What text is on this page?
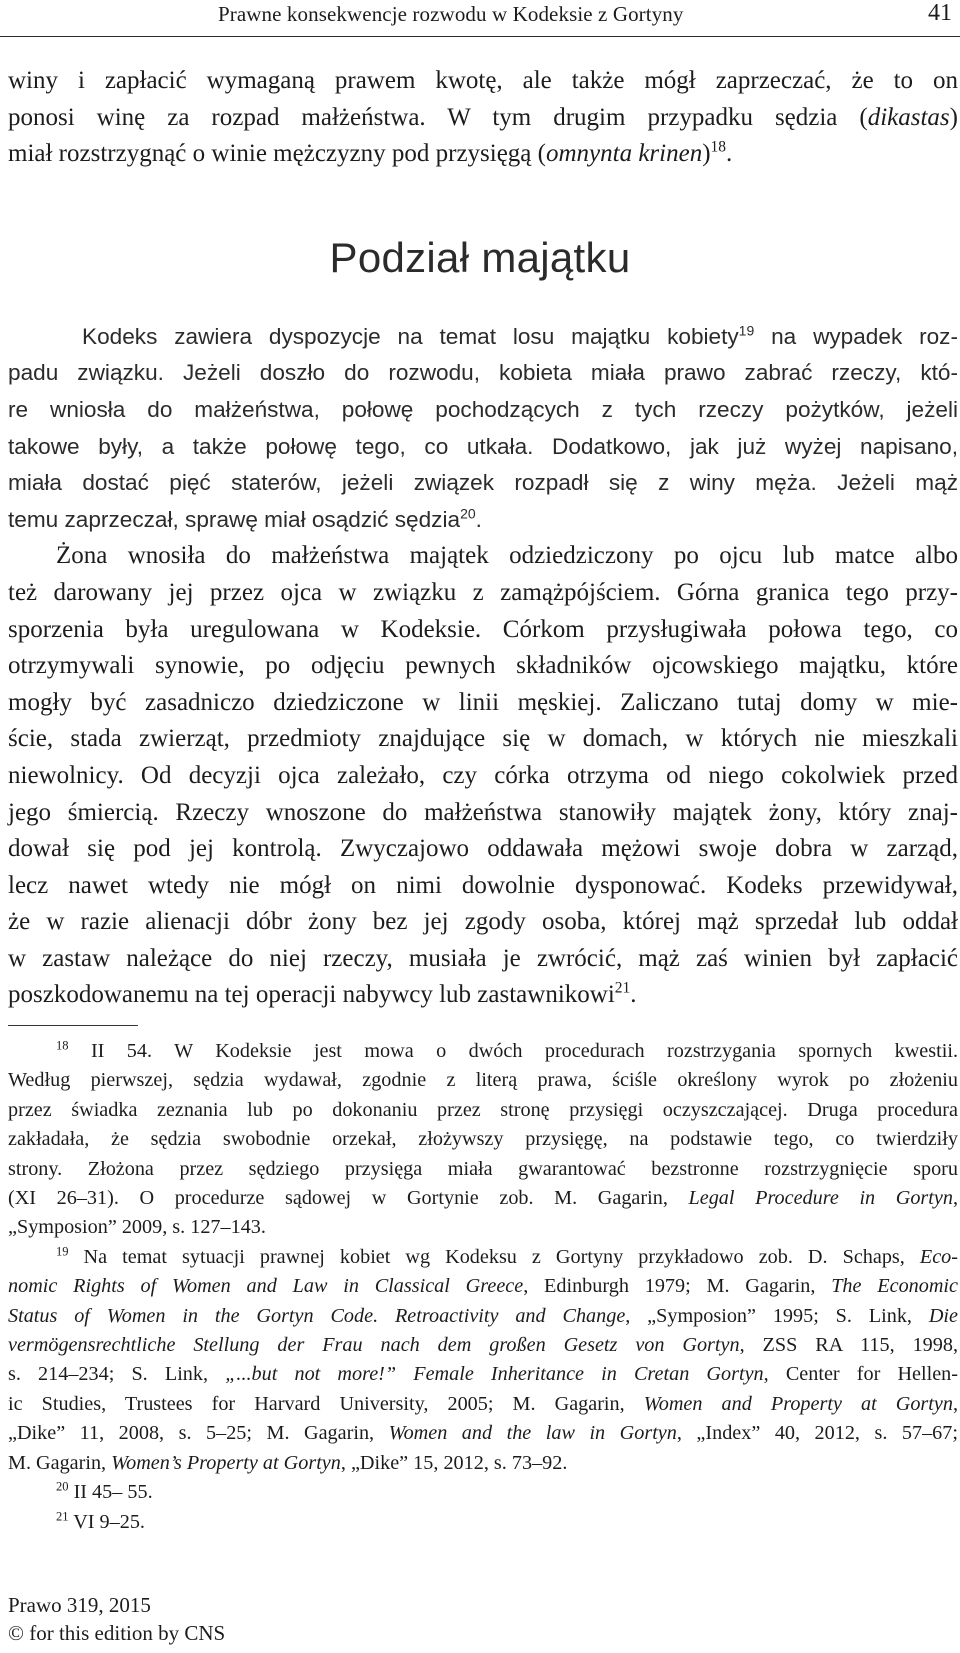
Prawne konsekwencje rozwodu w Kodeksie z Gortyny	41
winy i zapłacić wymaganą prawem kwotę, ale także mógł zaprzeczać, że to on
ponosi winę za rozpad małżeństwa. W tym drugim przypadku sędzia (dikastas)
miał rozstrzygnąć o winie mężczyzny pod przysięgą (omnynta krinen)$^{18}$.
Kodeks zawiera dyspozycje na temat losu majątku kobiety$^{19}$ na wypadek roz-
padu związku. Jeżeli doszło do rozwodu, kobieta miała prawo zabrać rzeczy, któ-
re wniosła do małżeństwa, połowę pochodzących z tych rzeczy pożytków, jeżeli
takowe były, a także połowę tego, co utkała. Dodatkowo, jak już wyżej napisano,
miała dostać pięć staterów, jeżeli związek rozpadł się z winy męża. Jeżeli mąż
temu zaprzeczał, sprawę miał osądzić sędzia$^{20}$.
Żona wnosiła do małżeństwa majątek odziedziczony po ojcu lub matce albo
też darowany jej przez ojca w związku z zamążpójściem. Górna granica tego przy-
sporzenia była uregulowana w Kodeksie. Córkom przysługiwała połowa tego, co
otrzymywali synowie, po odjęciu pewnych składników ojcowskiego majątku, które
mogły być zasadniczo dziedziczone w linii męskiej. Zaliczano tutaj domy w mie-
ście, stada zwierząt, przedmioty znajdujące się w domach, w których nie mieszkali
niewolnicy. Od decyzji ojca zależało, czy córka otrzyma od niego cokolwiek przed
jego śmiercią. Rzeczy wnoszone do małżeństwa stanowiły majątek żony, który znaj-
dował się pod jej kontrolą. Zwyczajowo oddawała mężowi swoje dobra w zarząd,
lecz nawet wtedy nie mógł on nimi dowolnie dysponować. Kodeks przewidywał,
że w razie alienacji dóbr żony bez jej zgody osoba, której mąż sprzedał lub oddał
w zastaw należące do niej rzeczy, musiała je zwrócić, mąż zaś winien był zapłacić
poszkodowanemu na tej operacji nabywcy lub zastawnikowi$^{21}$.
Podział majątku
$^{18}$ II 54. W Kodeksie jest mowa o dwóch procedurach rozstrzygania spornych kwestii.
Według pierwszej, sędzia wydawał, zgodnie z literą prawa, ściśle określony wyrok po złożeniu
przez świadka zeznania lub po dokonaniu przez stronę przysięgi oczyszczającej. Druga procedura
zakładała, że sędzia swobodnie orzekał, złożywszy przysięgę, na podstawie tego, co twierdziły
strony. Złożona przez sędziego przysięga miała gwarantować bezstronne rozstrzygnięcie sporu
(XI 26–31). O procedurze sądowej w Gortynie zob. M. Gagarin, Legal Procedure in Gortyn,
„Symposion” 2009, s. 127–143.
$^{19}$ Na temat sytuacji prawnej kobiet wg Kodeksu z Gortyny przykładowo zob. D. Schaps, Eco-
nomic Rights of Women and Law in Classical Greece, Edinburgh 1979; M. Gagarin, The Economic
Status of Women in the Gortyn Code. Retroactivity and Change, „Symposion” 1995; S. Link, Die
vermögensrechtliche Stellung der Frau nach dem großen Gesetz von Gortyn, ZSS RA 115, 1998,
s. 214–234; S. Link, „...but not more!” Female Inheritance in Cretan Gortyn, Center for Hellen-
ic Studies, Trustees for Harvard University, 2005; M. Gagarin, Women and Property at Gortyn,
„Dike” 11, 2008, s. 5–25; M. Gagarin, Women and the law in Gortyn, „Index” 40, 2012, s. 57–67;
M. Gagarin, Women’s Property at Gortyn, „Dike” 15, 2012, s. 73–92.
$^{20}$ II 45– 55.
$^{21}$ VI 9–25.
Prawo 319, 2015
© for this edition by CNS
